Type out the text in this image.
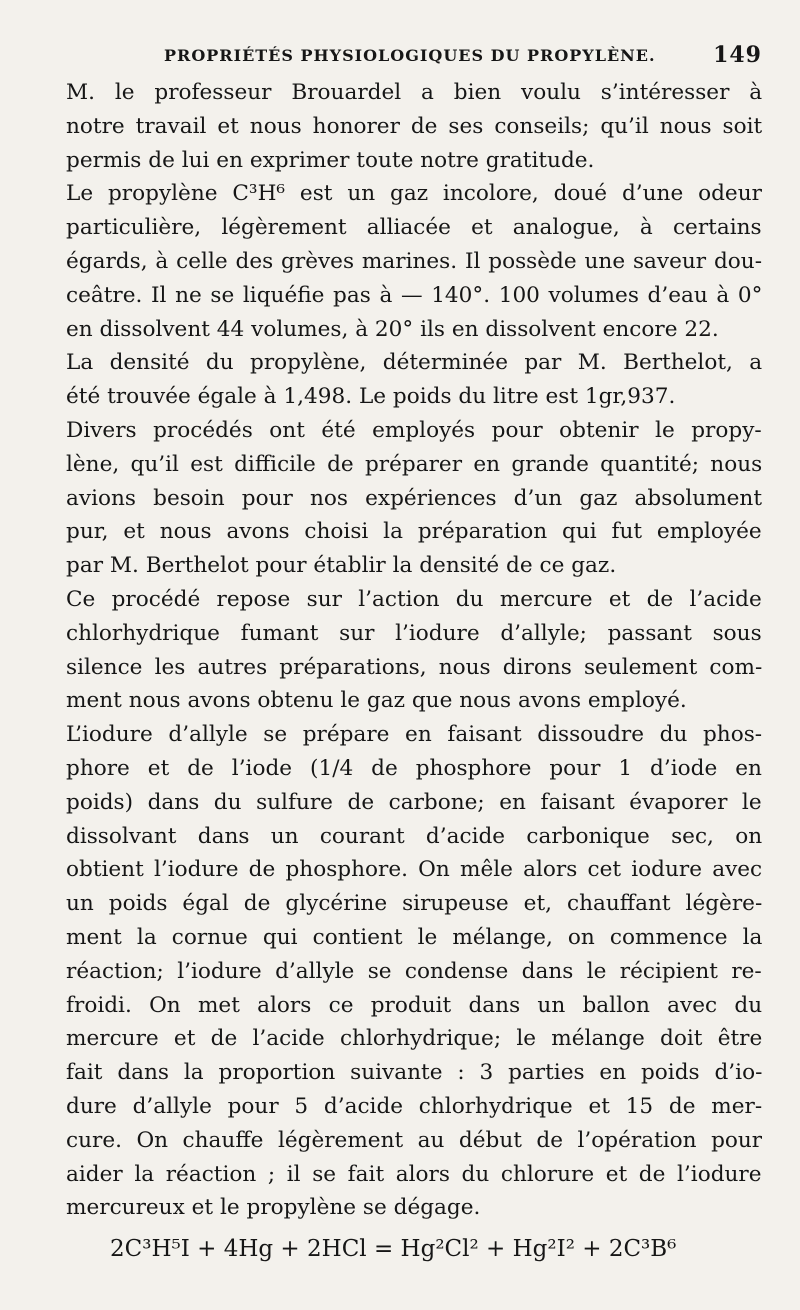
PROPRIÉTÉS PHYSIOLOGIQUES DU PROPYLÈNE.	149

M. le professeur Brouardel a bien voulu s’intéresser à
notre travail et nous honorer de ses conseils; qu’il nous soit
permis de lui en exprimer toute notre gratitude.

Le propylène C³H⁶ est un gaz incolore, doué d’une odeur
particulière, légèrement alliacée et analogue, à certains
égards, à celle des grèves marines. Il possède une saveur dou-
ceâtre. Il ne se liquéfie pas à — 140°. 100 volumes d’eau à 0°
en dissolvent 44 volumes, à 20° ils en dissolvent encore 22.

La densité du propylène, déterminée par M. Berthelot, a
été trouvée égale à 1,498. Le poids du litre est 1gr,937.

Divers procédés ont été employés pour obtenir le propy-
lène, qu’il est difficile de préparer en grande quantité; nous
avions besoin pour nos expériences d’un gaz absolument
pur, et nous avons choisi la préparation qui fut employée
par M. Berthelot pour établir la densité de ce gaz.

Ce procédé repose sur l’action du mercure et de l’acide
chlorhydrique fumant sur l’iodure d’allyle; passant sous
silence les autres préparations, nous dirons seulement com-
ment nous avons obtenu le gaz que nous avons employé.

L’iodure d’allyle se prépare en faisant dissoudre du phos-
phore et de l’iode (1/4 de phosphore pour 1 d’iode en
poids) dans du sulfure de carbone; en faisant évaporer le
dissolvant dans un courant d’acide carbonique sec, on
obtient l’iodure de phosphore. On mêle alors cet iodure avec
un poids égal de glycérine sirupeuse et, chauffant légère-
ment la cornue qui contient le mélange, on commence la
réaction; l’iodure d’allyle se condense dans le récipient re-
froidi. On met alors ce produit dans un ballon avec du
mercure et de l’acide chlorhydrique; le mélange doit être
fait dans la proportion suivante : 3 parties en poids d’io-
dure d’allyle pour 5 d’acide chlorhydrique et 15 de mer-
cure. On chauffe légèrement au début de l’opération pour
aider la réaction ; il se fait alors du chlorure et de l’iodure
mercureux et le propylène se dégage.

2C³H⁵I + 4Hg + 2HCl = Hg²Cl² + Hg²I² + 2C³B⁶
